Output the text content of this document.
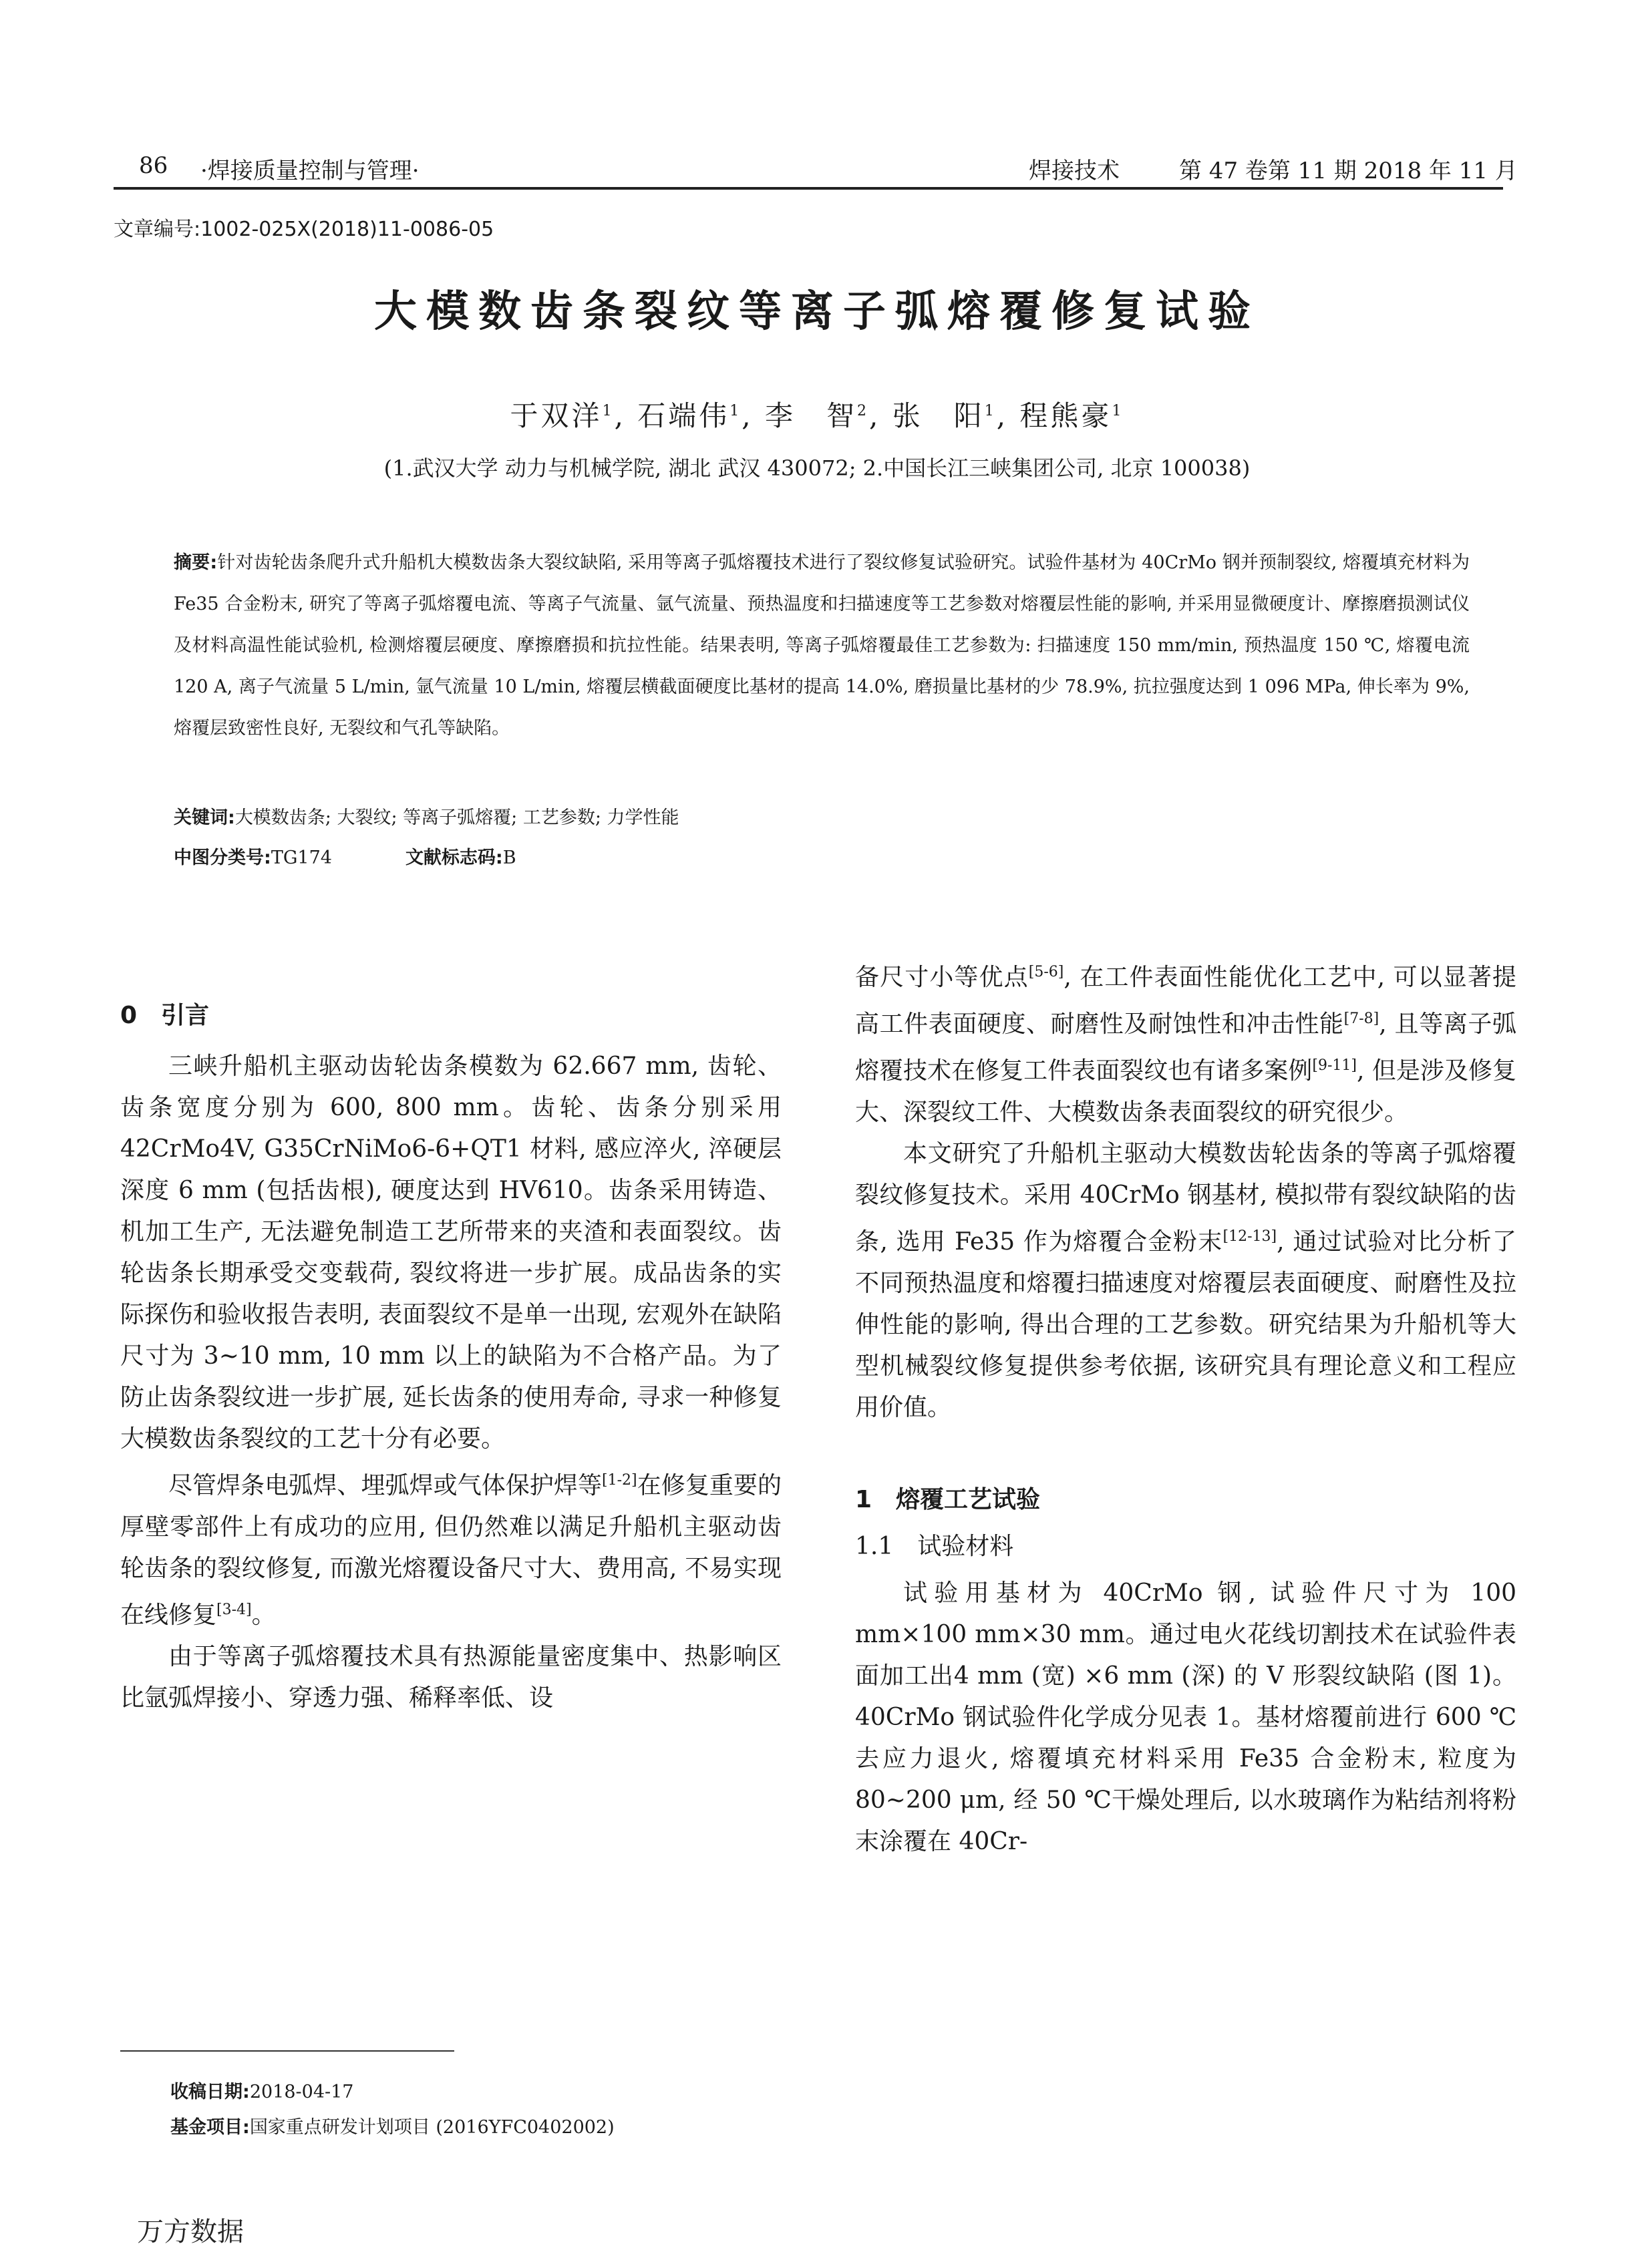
86 ·焊接质量控制与管理·	焊接技术	第 47 卷第 11 期 2018 年 11 月
文章编号:1002-025X(2018)11-0086-05
大模数齿条裂纹等离子弧熔覆修复试验
于双洋$^1$, 石端伟$^1$, 李　智$^2$, 张　阳$^1$, 程熊豪$^1$
(1.武汉大学 动力与机械学院, 湖北 武汉 430072; 2.中国长江三峡集团公司, 北京 100038)
摘要:针对齿轮齿条爬升式升船机大模数齿条大裂纹缺陷, 采用等离子弧熔覆技术进行了裂纹修复试验研究。试验件基材为 40CrMo 钢并预制裂纹, 熔覆填充材料为 Fe35 合金粉末, 研究了等离子弧熔覆电流、等离子气流量、氩气流量、预热温度和扫描速度等工艺参数对熔覆层性能的影响, 并采用显微硬度计、摩擦磨损测试仪及材料高温性能试验机, 检测熔覆层硬度、摩擦磨损和抗拉性能。结果表明, 等离子弧熔覆最佳工艺参数为: 扫描速度 150 mm/min, 预热温度 150 ℃, 熔覆电流 120 A, 离子气流量 5 L/min, 氩气流量 10 L/min, 熔覆层横截面硬度比基材的提高 14.0%, 磨损量比基材的少 78.9%, 抗拉强度达到 1 096 MPa, 伸长率为 9%, 熔覆层致密性良好, 无裂纹和气孔等缺陷。
关键词:大模数齿条; 大裂纹; 等离子弧熔覆; 工艺参数; 力学性能
中图分类号:TG174	文献标志码:B
0　引言

三峡升船机主驱动齿轮齿条模数为 62.667 mm, 齿轮、齿条宽度分别为 600, 800 mm。齿轮、齿条分别采用 42CrMo4V, G35CrNiMo6-6+QT1 材料, 感应淬火, 淬硬层深度 6 mm (包括齿根), 硬度达到 HV610。齿条采用铸造、机加工生产, 无法避免制造工艺所带来的夹渣和表面裂纹。齿轮齿条长期承受交变载荷, 裂纹将进一步扩展。成品齿条的实际探伤和验收报告表明, 表面裂纹不是单一出现, 宏观外在缺陷尺寸为 3~10 mm, 10 mm 以上的缺陷为不合格产品。为了防止齿条裂纹进一步扩展, 延长齿条的使用寿命, 寻求一种修复大模数齿条裂纹的工艺十分有必要。

尽管焊条电弧焊、埋弧焊或气体保护焊等[1-2]在修复重要的厚壁零部件上有成功的应用, 但仍然难以满足升船机主驱动齿轮齿条的裂纹修复, 而激光熔覆设备尺寸大、费用高, 不易实现在线修复[3-4]。

由于等离子弧熔覆技术具有热源能量密度集中、热影响区比氩弧焊接小、穿透力强、稀释率低、设

备尺寸小等优点[5-6], 在工件表面性能优化工艺中, 可以显著提高工件表面硬度、耐磨性及耐蚀性和冲击性能[7-8], 且等离子弧熔覆技术在修复工件表面裂纹也有诸多案例[9-11], 但是涉及修复大、深裂纹工件、大模数齿条表面裂纹的研究很少。

本文研究了升船机主驱动大模数齿轮齿条的等离子弧熔覆裂纹修复技术。采用 40CrMo 钢基材, 模拟带有裂纹缺陷的齿条, 选用 Fe35 作为熔覆合金粉末[12-13], 通过试验对比分析了不同预热温度和熔覆扫描速度对熔覆层表面硬度、耐磨性及拉伸性能的影响, 得出合理的工艺参数。研究结果为升船机等大型机械裂纹修复提供参考依据, 该研究具有理论意义和工程应用价值。

1　熔覆工艺试验
1.1　试验材料

试验用基材为 40CrMo 钢, 试验件尺寸为 100 mm×100 mm×30 mm。通过电火花线切割技术在试验件表面加工出4 mm (宽) ×6 mm (深) 的 V 形裂纹缺陷 (图 1)。40CrMo 钢试验件化学成分见表 1。基材熔覆前进行 600 ℃去应力退火, 熔覆填充材料采用 Fe35 合金粉末, 粒度为 80~200 μm, 经 50 ℃干燥处理后, 以水玻璃作为粘结剂将粉末涂覆在 40Cr-

收稿日期:2018-04-17
基金项目:国家重点研发计划项目 (2016YFC0402002)
万方数据
